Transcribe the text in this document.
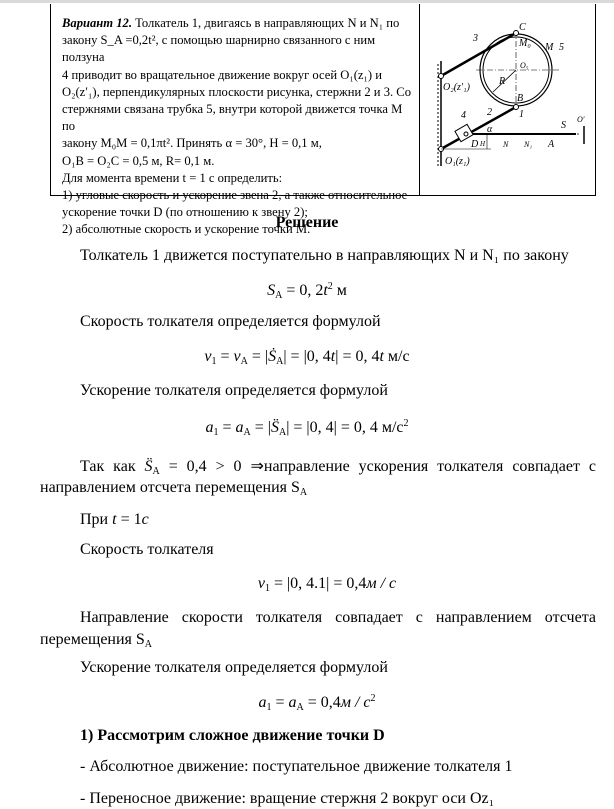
Вариант 12. Толкатель 1, двигаясь в направляющих N и N₁ по
закону S_A =0,2t², с помощью шарнирно связанного с ним ползуна
4 приводит во вращательное движение вокруг осей O₁(z₁) и
O₂(z′₁), перпендикулярных плоскости рисунка, стержни 2 и 3. Со
стержнями связана трубка 5, внутри которой движется точка M по
закону M₀M = 0,1πt². Принять α = 30°, H = 0,1 м,
O₁B = O₂C = 0,5 м, R= 0,1 м.
Для момента времени t = 1 с определить:
1) угловые скорость и ускорение звена 2, а также относительное
ускорение точки D (по отношению к звену 2);
2) абсолютные скорость и ускорение точки M.
C
M₀ M 5
3
O₂(z′₁)
O₅
R
B
2	1
4
α
D H N N₁ A
S
O′
O₁(z₁)
Решение
Толкатель 1 движется поступательно в направляющих N и N₁ по закону
$S_A = 0$, $2t^2$ м
Скорость толкателя определяется формулой
$v_1 = v_A$ = |Ṡ$_A$| = |0, 4t| = 0, 4t м/с
Ускорение толкателя определяется формулой
$a_1 = a_A$ = $|S̈_A| = |0$, 4| = 0, 4 $м/с^2$
Так как $S̈_A = 0,4 > 0$ ⇒направление ускорения толкателя совпадает с
направлением отсчета перемещения $S_A$
При t = 1c
Скорость толкателя
$v_1 = |0$, 4.1| = 0,4м / с
Направление скорости толкателя совпадает с направлением отсчета
перемещения $S_A$
Ускорение толкателя определяется формулой
$a_1 = a_A = 0,4м / с^2$
1) Рассмотрим сложное движение точки D
- Абсолютное движение: поступательное движение толкателя 1
- Переносное движение: вращение стержня 2 вокруг оси Oz₁
